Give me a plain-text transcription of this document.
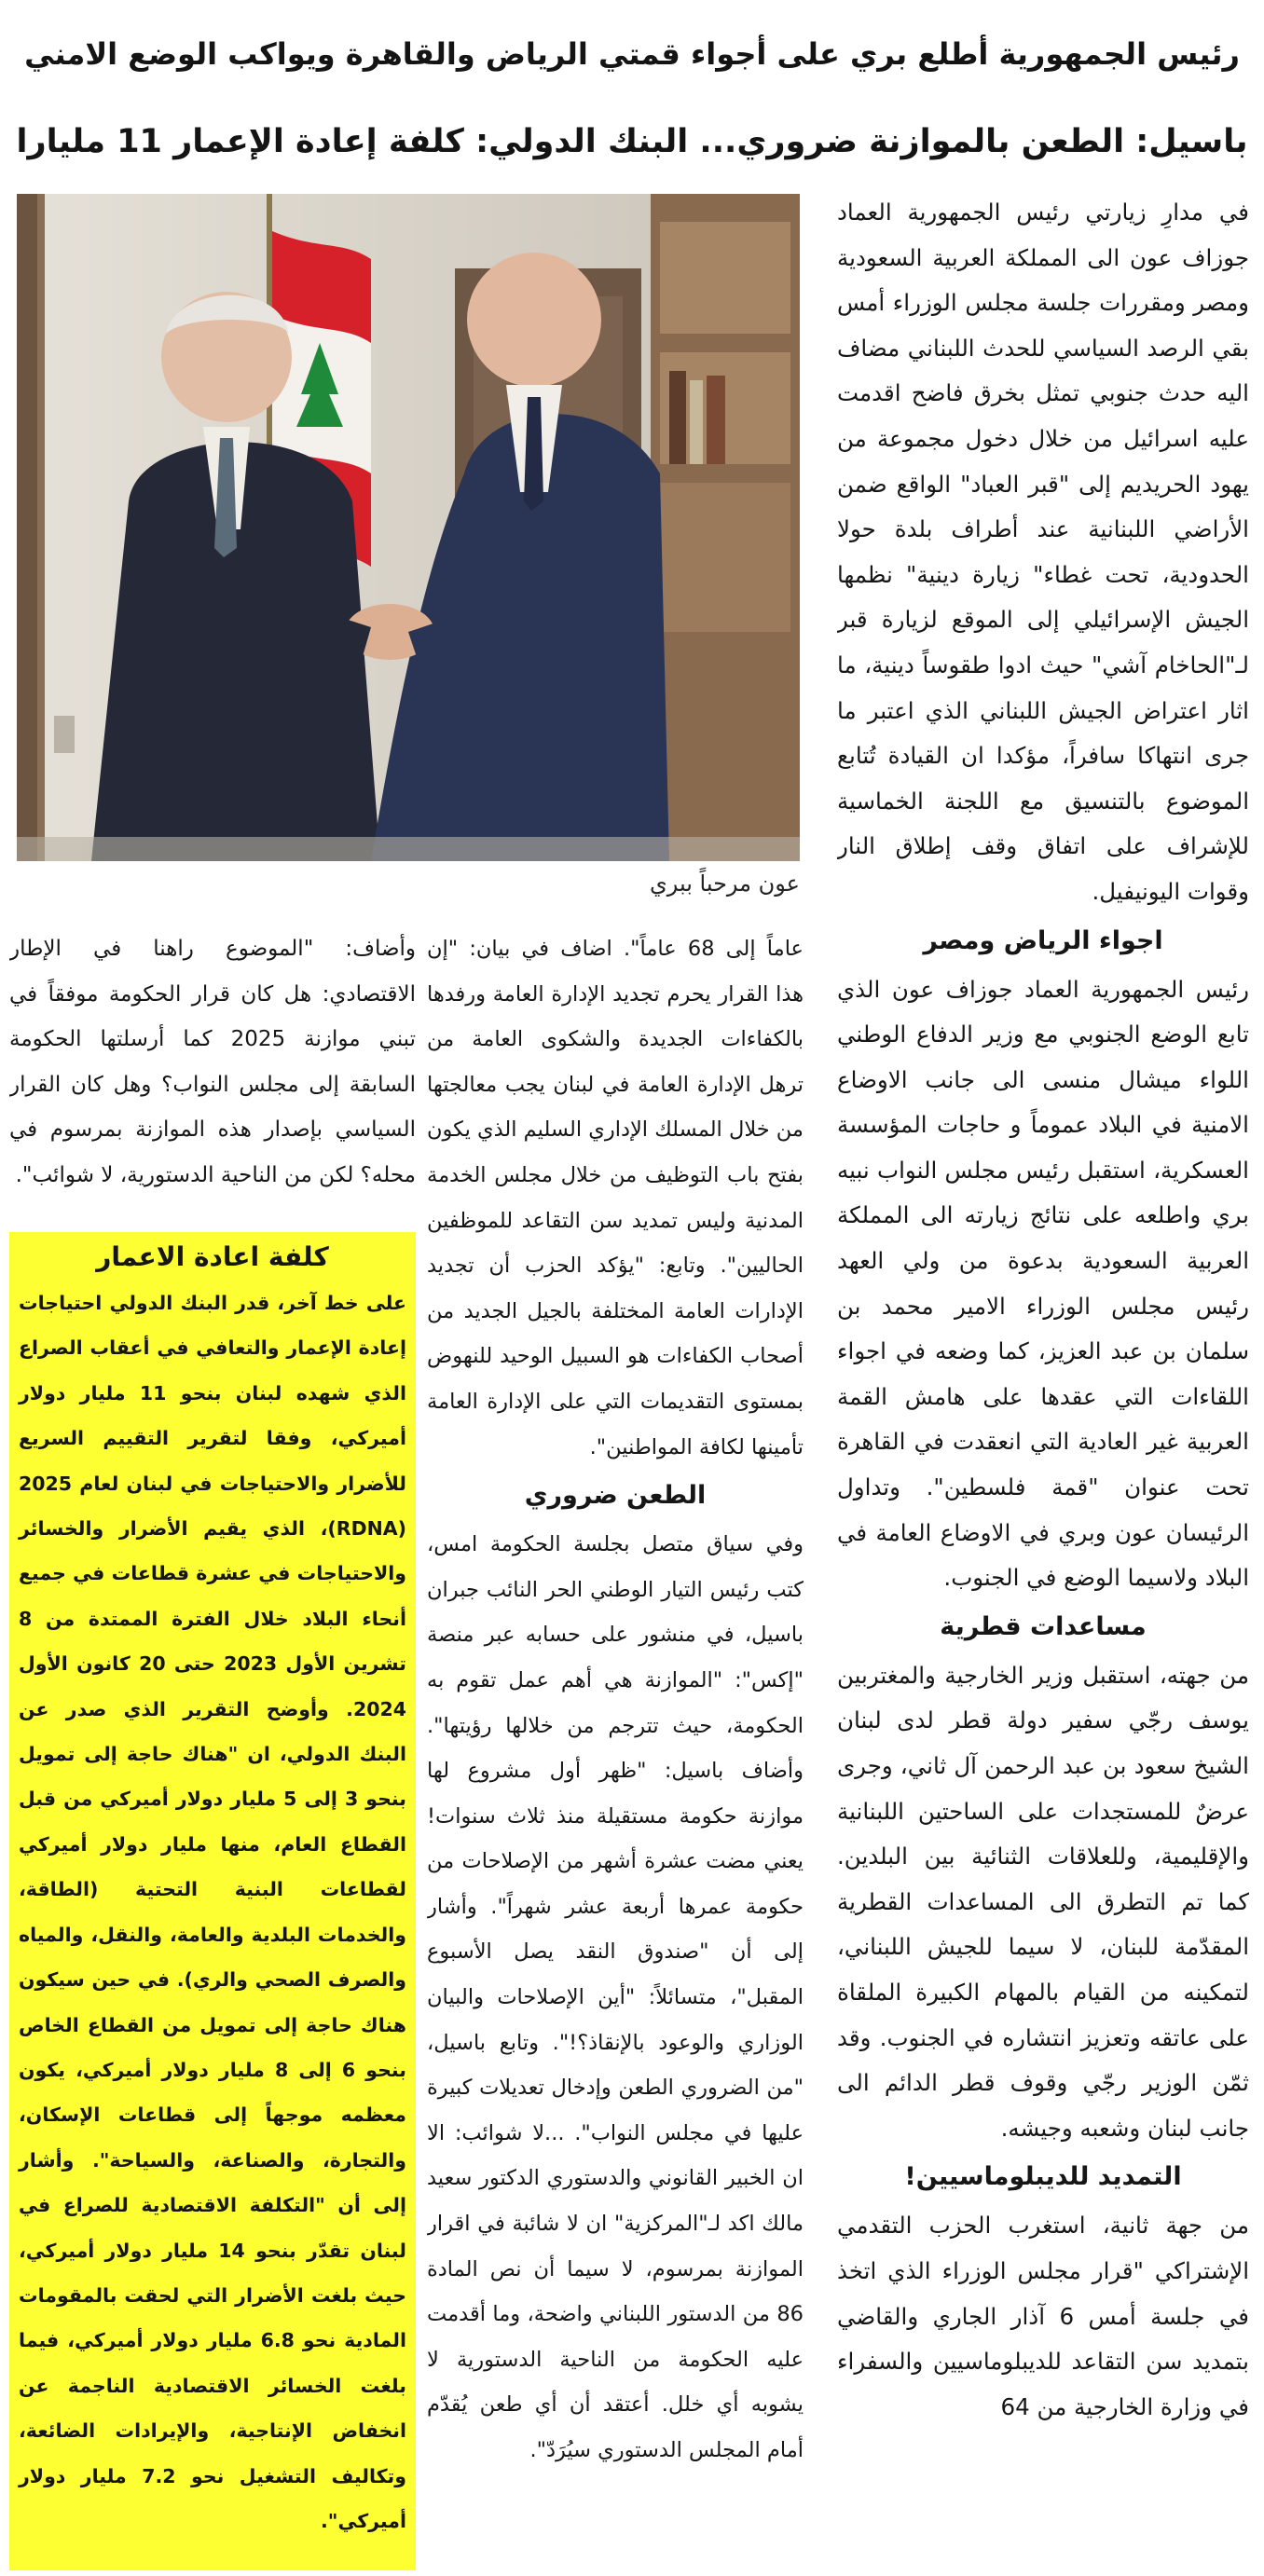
رئيس الجمهورية أطلع بري على أجواء قمتي الرياض والقاهرة ويواكب الوضع الامني
باسيل: الطعن بالموازنة ضروري... البنك الدولي: كلفة إعادة الإعمار 11 مليارا
عون مرحباً ببري

في مدارِ زيارتي رئيس الجمهورية العماد جوزاف عون الى المملكة العربية السعودية ومصر ومقررات جلسة مجلس الوزراء أمس بقي الرصد السياسي للحدث اللبناني مضاف اليه حدث جنوبي تمثل بخرق فاضح اقدمت عليه اسرائيل من خلال دخول مجموعة من يهود الحريديم إلى "قبر العباد" الواقع ضمن الأراضي اللبنانية عند أطراف بلدة حولا الحدودية، تحت غطاء" زيارة دينية" نظمها الجيش الإسرائيلي إلى الموقع لزيارة قبر لـ"الحاخام آشي" حيث ادوا طقوساً دينية، ما اثار اعتراض الجيش اللبناني الذي اعتبر ما جرى انتهاكا سافراً، مؤكدا ان القيادة تُتابع الموضوع بالتنسيق مع اللجنة الخماسية للإشراف على اتفاق وقف إطلاق النار وقوات اليونيفيل.

اجواء الرياض ومصر

رئيس الجمهورية العماد جوزاف عون الذي تابع الوضع الجنوبي مع وزير الدفاع الوطني اللواء ميشال منسى الى جانب الاوضاع الامنية في البلاد عموماً و حاجات المؤسسة العسكرية، استقبل رئيس مجلس النواب نبيه بري واطلعه على نتائج زيارته الى المملكة العربية السعودية بدعوة من ولي العهد رئيس مجلس الوزراء الامير محمد بن سلمان بن عبد العزيز، كما وضعه في اجواء اللقاءات التي عقدها على هامش القمة العربية غير العادية التي انعقدت في القاهرة تحت عنوان "قمة فلسطين". وتداول الرئيسان عون وبري في الاوضاع العامة في البلاد ولاسيما الوضع في الجنوب.

مساعدات قطرية

من جهته، استقبل وزير الخارجية والمغتربين يوسف رجّي سفير دولة قطر لدى لبنان الشيخ سعود بن عبد الرحمن آل ثاني، وجرى عرضٌ للمستجدات على الساحتين اللبنانية والإقليمية، وللعلاقات الثنائية بين البلدين. كما تم التطرق الى المساعدات القطرية المقدّمة للبنان، لا سيما للجيش اللبناني، لتمكينه من القيام بالمهام الكبيرة الملقاة على عاتقه وتعزيز انتشاره في الجنوب. وقد ثمّن الوزير رجّي وقوف قطر الدائم الى جانب لبنان وشعبه وجيشه.

التمديد للديبلوماسيين!

من جهة ثانية، استغرب الحزب التقدمي الإشتراكي "قرار مجلس الوزراء الذي اتخذ في جلسة أمس 6 آذار الجاري والقاضي بتمديد سن التقاعد للديبلوماسيين والسفراء في وزارة الخارجية من 64

عاماً إلى 68 عاماً". اضاف في بيان: "إن هذا القرار يحرم تجديد الإدارة العامة ورفدها بالكفاءات الجديدة والشكوى العامة من ترهل الإدارة العامة في لبنان يجب معالجتها من خلال المسلك الإداري السليم الذي يكون بفتح باب التوظيف من خلال مجلس الخدمة المدنية وليس تمديد سن التقاعد للموظفين الحاليين". وتابع: "يؤكد الحزب أن تجديد الإدارات العامة المختلفة بالجيل الجديد من أصحاب الكفاءات هو السبيل الوحيد للنهوض بمستوى التقديمات التي على الإدارة العامة تأمينها لكافة المواطنين".

الطعن ضروري

وفي سياق متصل بجلسة الحكومة امس، كتب رئيس التيار الوطني الحر النائب جبران باسيل، في منشور على حسابه عبر منصة "إكس": "الموازنة هي أهم عمل تقوم به الحكومة، حيث تترجم من خلالها رؤيتها". وأضاف باسيل: "ظهر أول مشروع لها موازنة حكومة مستقيلة منذ ثلاث سنوات! يعني مضت عشرة أشهر من الإصلاحات من حكومة عمرها أربعة عشر شهراً". وأشار إلى أن "صندوق النقد يصل الأسبوع المقبل"، متسائلاً: "أين الإصلاحات والبيان الوزاري والوعود بالإنقاذ؟!". وتابع باسيل، "من الضروري الطعن وإدخال تعديلات كبيرة عليها في مجلس النواب". ...لا شوائب: الا ان الخبير القانوني والدستوري الدكتور سعيد مالك اكد لـ"المركزية" ان لا شائبة في اقرار الموازنة بمرسوم، لا سيما أن نص المادة 86 من الدستور اللبناني واضحة، وما أقدمت عليه الحكومة من الناحية الدستورية لا يشوبه أي خلل. أعتقد أن أي طعن يُقدّم أمام المجلس الدستوري سيُرَدّ".

وأضاف: "الموضوع راهنا في الإطار الاقتصادي: هل كان قرار الحكومة موفقاً في تبني موازنة 2025 كما أرسلتها الحكومة السابقة إلى مجلس النواب؟ وهل كان القرار السياسي بإصدار هذه الموازنة بمرسوم في محله؟ لكن من الناحية الدستورية، لا شوائب".

كلفة اعادة الاعمار
على خط آخر، قدر البنك الدولي احتياجات إعادة الإعمار والتعافي في أعقاب الصراع الذي شهده لبنان بنحو 11 مليار دولار أميركي، وفقا لتقرير التقييم السريع للأضرار والاحتياجات في لبنان لعام 2025 (RDNA)، الذي يقيم الأضرار والخسائر والاحتياجات في عشرة قطاعات في جميع أنحاء البلاد خلال الفترة الممتدة من 8 تشرين الأول 2023 حتى 20 كانون الأول 2024. وأوضح التقرير الذي صدر عن البنك الدولي، ان "هناك حاجة إلى تمويل بنحو 3 إلى 5 مليار دولار أميركي من قبل القطاع العام، منها مليار دولار أميركي لقطاعات البنية التحتية (الطاقة، والخدمات البلدية والعامة، والنقل، والمياه والصرف الصحي والري). في حين سيكون هناك حاجة إلى تمويل من القطاع الخاص بنحو 6 إلى 8 مليار دولار أميركي، يكون معظمه موجهاً إلى قطاعات الإسكان، والتجارة، والصناعة، والسياحة". وأشار إلى أن "التكلفة الاقتصادية للصراع في لبنان تقدّر بنحو 14 مليار دولار أميركي، حيث بلغت الأضرار التي لحقت بالمقومات المادية نحو 6.8 مليار دولار أميركي، فيما بلغت الخسائر الاقتصادية الناجمة عن انخفاض الإنتاجية، والإيرادات الضائعة، وتكاليف التشغيل نحو 7.2 مليار دولار أميركي".
